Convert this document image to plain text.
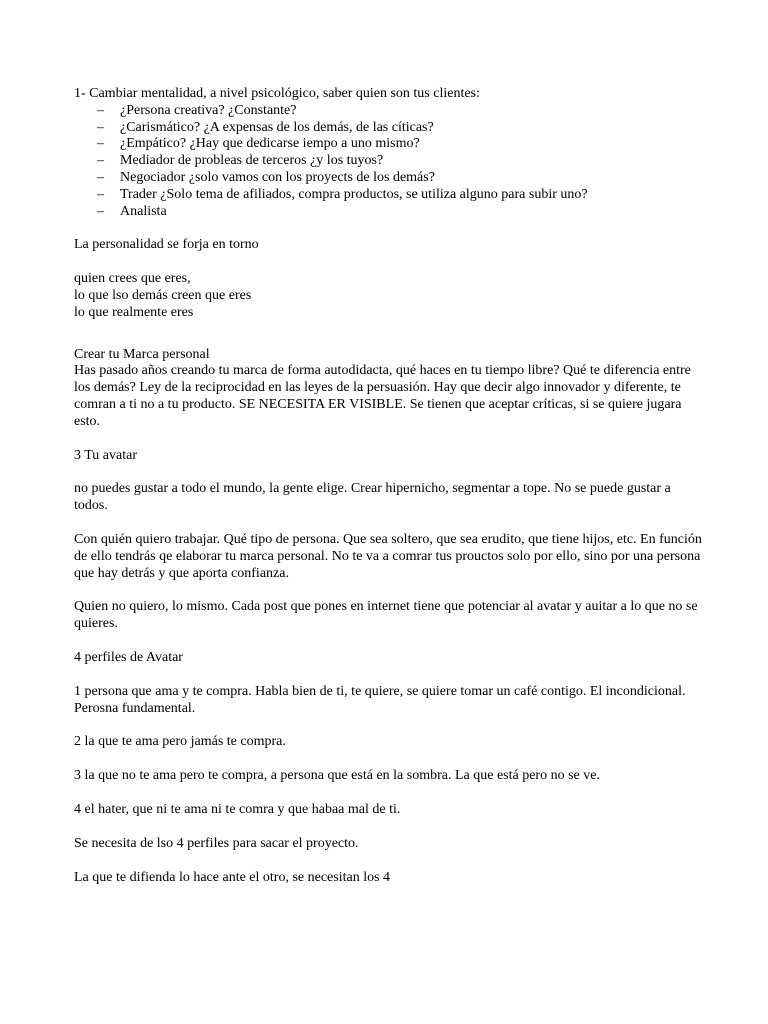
1- Cambiar mentalidad, a nivel psicológico, saber quien son tus clientes:

– ¿Persona creativa? ¿Constante?
– ¿Carismático? ¿A expensas de los demás, de las cíticas?
– ¿Empático? ¿Hay que dedicarse iempo a uno mismo?
– Mediador de probleas de terceros ¿y los tuyos?
– Negociador ¿solo vamos con los proyects de los demás?
– Trader ¿Solo tema de afiliados, compra productos, se utiliza alguno para subir uno?
– Analista

La personalidad se forja en torno

quien crees que eres,

lo que lso demás creen que eres

lo que realmente eres

Crear tu Marca personal

Has pasado años creando tu marca de forma autodidacta, qué haces en tu tiempo libre? Qué te diferencia entre los demás? Ley de la reciprocidad en las leyes de la persuasión. Hay que decir algo innovador y diferente, te comran a ti no a tu producto. SE NECESITA ER VISIBLE. Se tienen que aceptar críticas, si se quiere jugara esto.

3 Tu avatar

no puedes gustar a todo el mundo, la gente elige. Crear hipernicho, segmentar a tope. No se puede gustar a todos.

Con quién quiero trabajar. Qué tipo de persona. Que sea soltero, que sea erudito, que tiene hijos, etc. En función de ello tendrás qe elaborar tu marca personal. No te va a comrar tus prouctos solo por ello, sino por una persona que hay detrás y que aporta confianza.

Quien no quiero, lo mismo. Cada post que pones en internet tiene que potenciar al avatar y auitar a lo que no se quieres.

4 perfiles de Avatar

1 persona que ama y te compra. Habla bien de ti, te quiere, se quiere tomar un café contigo. El incondicional. Perosna fundamental.

2 la que te ama pero jamás te compra.

3 la que no te ama pero te compra, a persona que está en la sombra. La que está pero no se ve.

4 el hater, que ni te ama ni te comra y que habaa mal de ti.

Se necesita de lso 4 perfiles para sacar el proyecto.

La que te difienda lo hace ante el otro, se necesitan los 4
